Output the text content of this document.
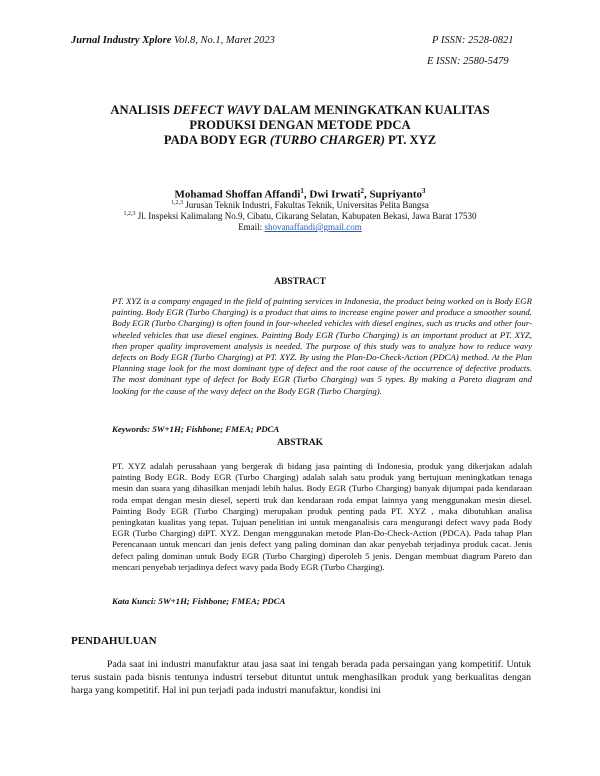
Jurnal Industry Xplore Vol.8, No.1, Maret 2023	P ISSN: 2528-0821
E ISSN: 2580-5479
ANALISIS DEFECT WAVY DALAM MENINGKATKAN KUALITAS
PRODUKSI DENGAN METODE PDCA
PADA BODY EGR (TURBO CHARGER) PT. XYZ
Mohamad Shoffan Affandi$^1$, Dwi Irwati$^2$, Supriyanto$^3$
$^{1,2,3}$ Jurusan Teknik Industri, Fakultas Teknik, Universitas Pelita Bangsa
$^{1,2,3}$ Jl. Inspeksi Kalimalang No.9, Cibatu, Cikarang Selatan, Kabupaten Bekasi, Jawa Barat 17530
Email: shovanaffandi@gmail.com
ABSTRACT
PT. XYZ is a company engaged in the field of painting services in Indonesia, the product being worked on is Body EGR painting. Body EGR (Turbo Charging) is a product that aims to increase engine power and produce a smoother sound. Body EGR (Turbo Charging) is often found in four-wheeled vehicles with diesel engines, such as trucks and other four-wheeled vehicles that use diesel engines. Painting Body EGR (Turbo Charging) is an important product at PT. XYZ, then proper quality improvement analysis is needed. The purpose of this study was to analyze how to reduce wavy defects on Body EGR (Turbo Charging) at PT. XYZ. By using the Plan-Do-Check-Action (PDCA) method. At the Plan Planning stage look for the most dominant type of defect and the root cause of the occurrence of defective products. The most dominant type of defect for Body EGR (Turbo Charging) was 5 types. By making a Pareto diagram and looking for the cause of the wavy defect on the Body EGR (Turbo Charging).
Keywords: 5W+1H; Fishbone; FMEA; PDCA
ABSTRAK
PT. XYZ adalah perusahaan yang bergerak di bidang jasa painting di Indonesia, produk yang dikerjakan adalah painting Body EGR. Body EGR (Turbo Charging) adalah salah satu produk yang bertujuan meningkatkan tenaga mesin dan suara yang dihasilkan menjadi lebih halus. Body EGR (Turbo Charging) banyak dijumpai pada kendaraan roda empat dengan mesin diesel, seperti truk dan kendaraan roda empat lainnya yang menggunakan mesin diesel. Painting Body EGR (Turbo Charging) merupakan produk penting pada PT. XYZ , maka dibutuhkan analisa peningkatan kualitas yang tepat. Tujuan penelitian ini untuk menganalisis cara mengurangi defect wavy pada Body EGR (Turbo Charging) diPT. XYZ. Dengan menggunakan metode Plan-Do-Check-Action (PDCA). Pada tahap Plan Perencanaan untuk mencari dan jenis defect yang paling dominan dan akar penyebab terjadinya produk cacat. Jenis defect paling dominan untuk Body EGR (Turbo Charging) diperoleh 5 jenis. Dengan membuat diagram Pareto dan mencari penyebab terjadinya defect wavy pada Body EGR (Turbo Charging).
Kata Kunci: 5W+1H; Fishbone; FMEA; PDCA
PENDAHULUAN
Pada saat ini industri manufaktur atau jasa saat ini tengah berada pada persaingan yang kompetitif. Untuk terus sustain pada bisnis tentunya industri tersebut dituntut untuk menghasilkan produk yang berkualitas dengan harga yang kompetitif. Hal ini pun terjadi pada industri manufaktur, kondisi ini
